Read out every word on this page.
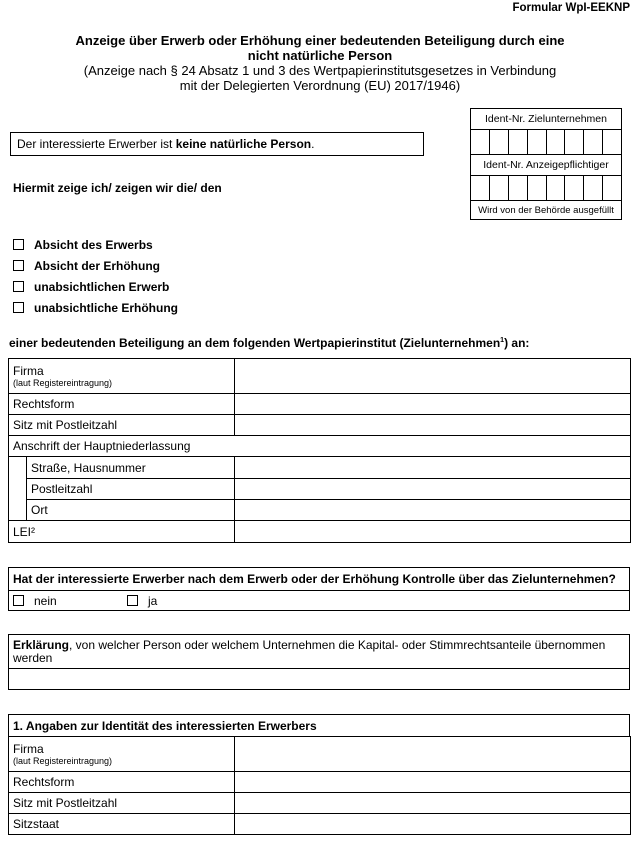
Formular WpI-EEKNP
Anzeige über Erwerb oder Erhöhung einer bedeutenden Beteiligung durch eine
nicht natürliche Person
(Anzeige nach § 24 Absatz 1 und 3 des Wertpapierinstitutsgesetzes in Verbindung
mit der Delegierten Verordnung (EU) 2017/1946)
Ident-Nr. Zielunternehmen
Ident-Nr. Anzeigepflichtiger
Wird von der Behörde ausgefüllt
Der interessierte Erwerber ist keine natürliche Person.
Hiermit zeige ich/ zeigen wir die/ den
Absicht des Erwerbs
Absicht der Erhöhung
unabsichtlichen Erwerb
unabsichtliche Erhöhung
einer bedeutenden Beteiligung an dem folgenden Wertpapierinstitut (Zielunternehmen$^1$) an:
Firma
(laut Registereintragung)		

Rechtsform		
Sitz mit Postleitzahl		
Anschrift der Hauptniederlassung		
	Straße, Hausnummer	
	Postleitzahl	
	Ort	
LEI²		
Hat der interessierte Erwerber nach dem Erwerb oder der Erhöhung Kontrolle über das Zielunternehmen?
nein	ja
Erklärung, von welcher Person oder welchem Unternehmen die Kapital- oder Stimmrechtsanteile übernommen werden
1. Angaben zur Identität des interessierten Erwerbers
Firma
(laut Registereintragung)	

Rechtsform	
Sitz mit Postleitzahl	
Sitzstaat	
